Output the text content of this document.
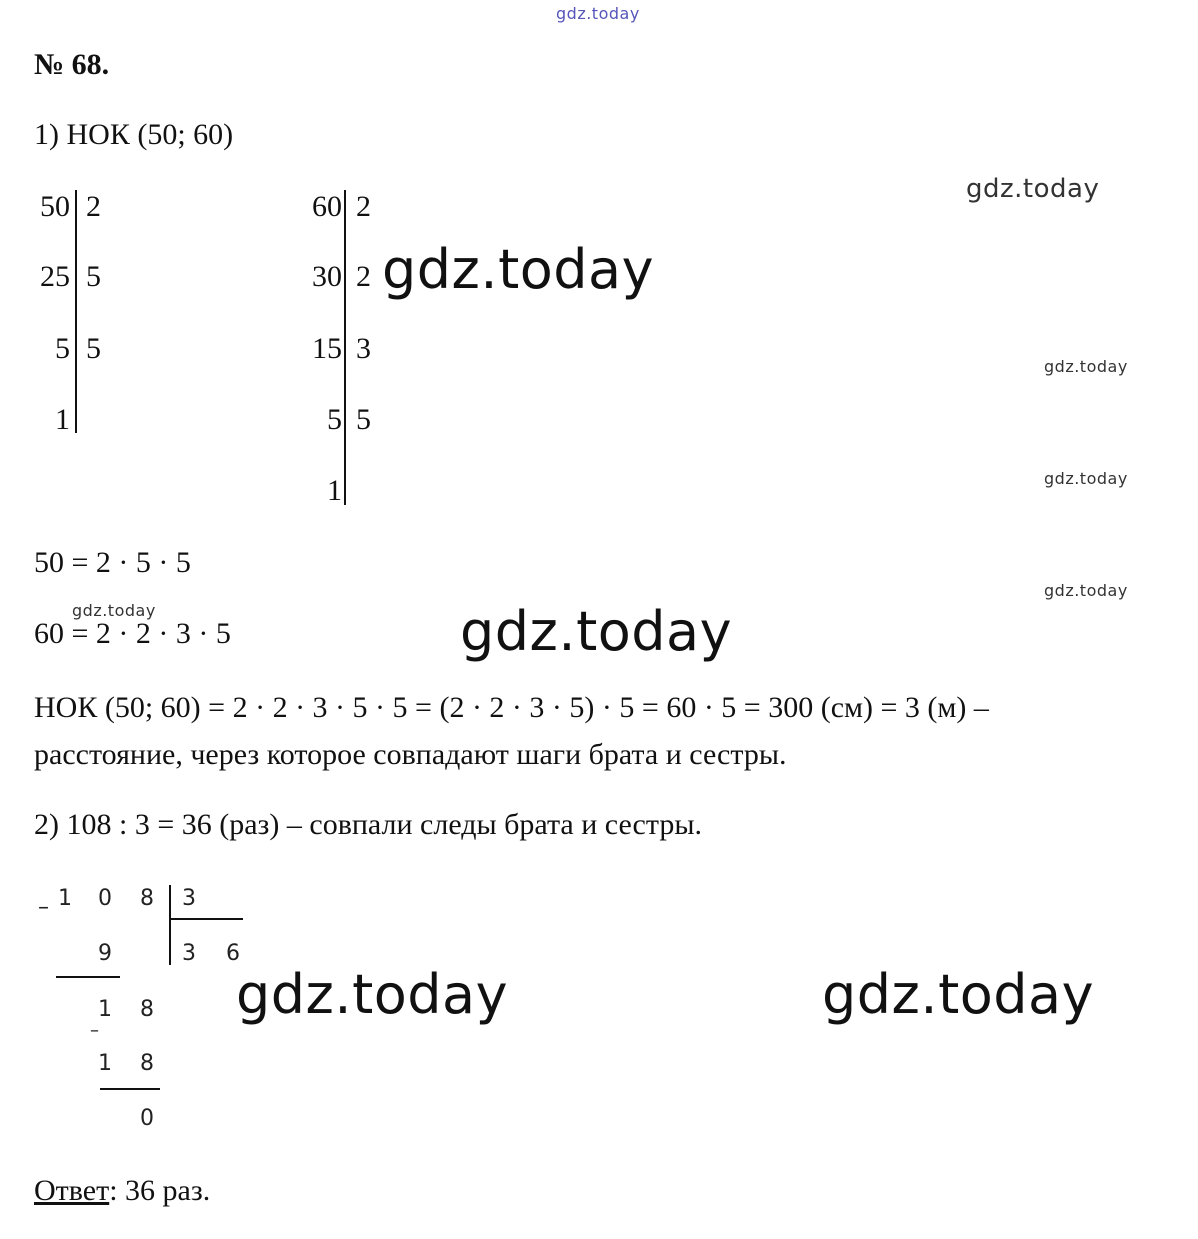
gdz.today
gdz.today
gdz.today
gdz.today
gdz.today
gdz.today
gdz.today	gdz.today
gdz.today	gdz.today
№ 68.
1) НОК (50; 60)
50
25
5
1
2
5
5
60
30
15
5
1
2
2
3
5
50 = 2 · 5 · 5
60 = 2 · 2 · 3 · 5
НОК (50; 60) = 2 · 2 · 3 · 5 · 5 = (2 · 2 · 3 · 5) · 5 = 60 · 5 = 300 (см) = 3 (м) –
расстояние, через которое совпадают шаги брата и сестры.
2) 108 : 3 = 36 (раз) – совпали следы брата и сестры.
– 1 0 8 3
3 6
9
1 8
–
1 8
0
Ответ: 36 раз.
